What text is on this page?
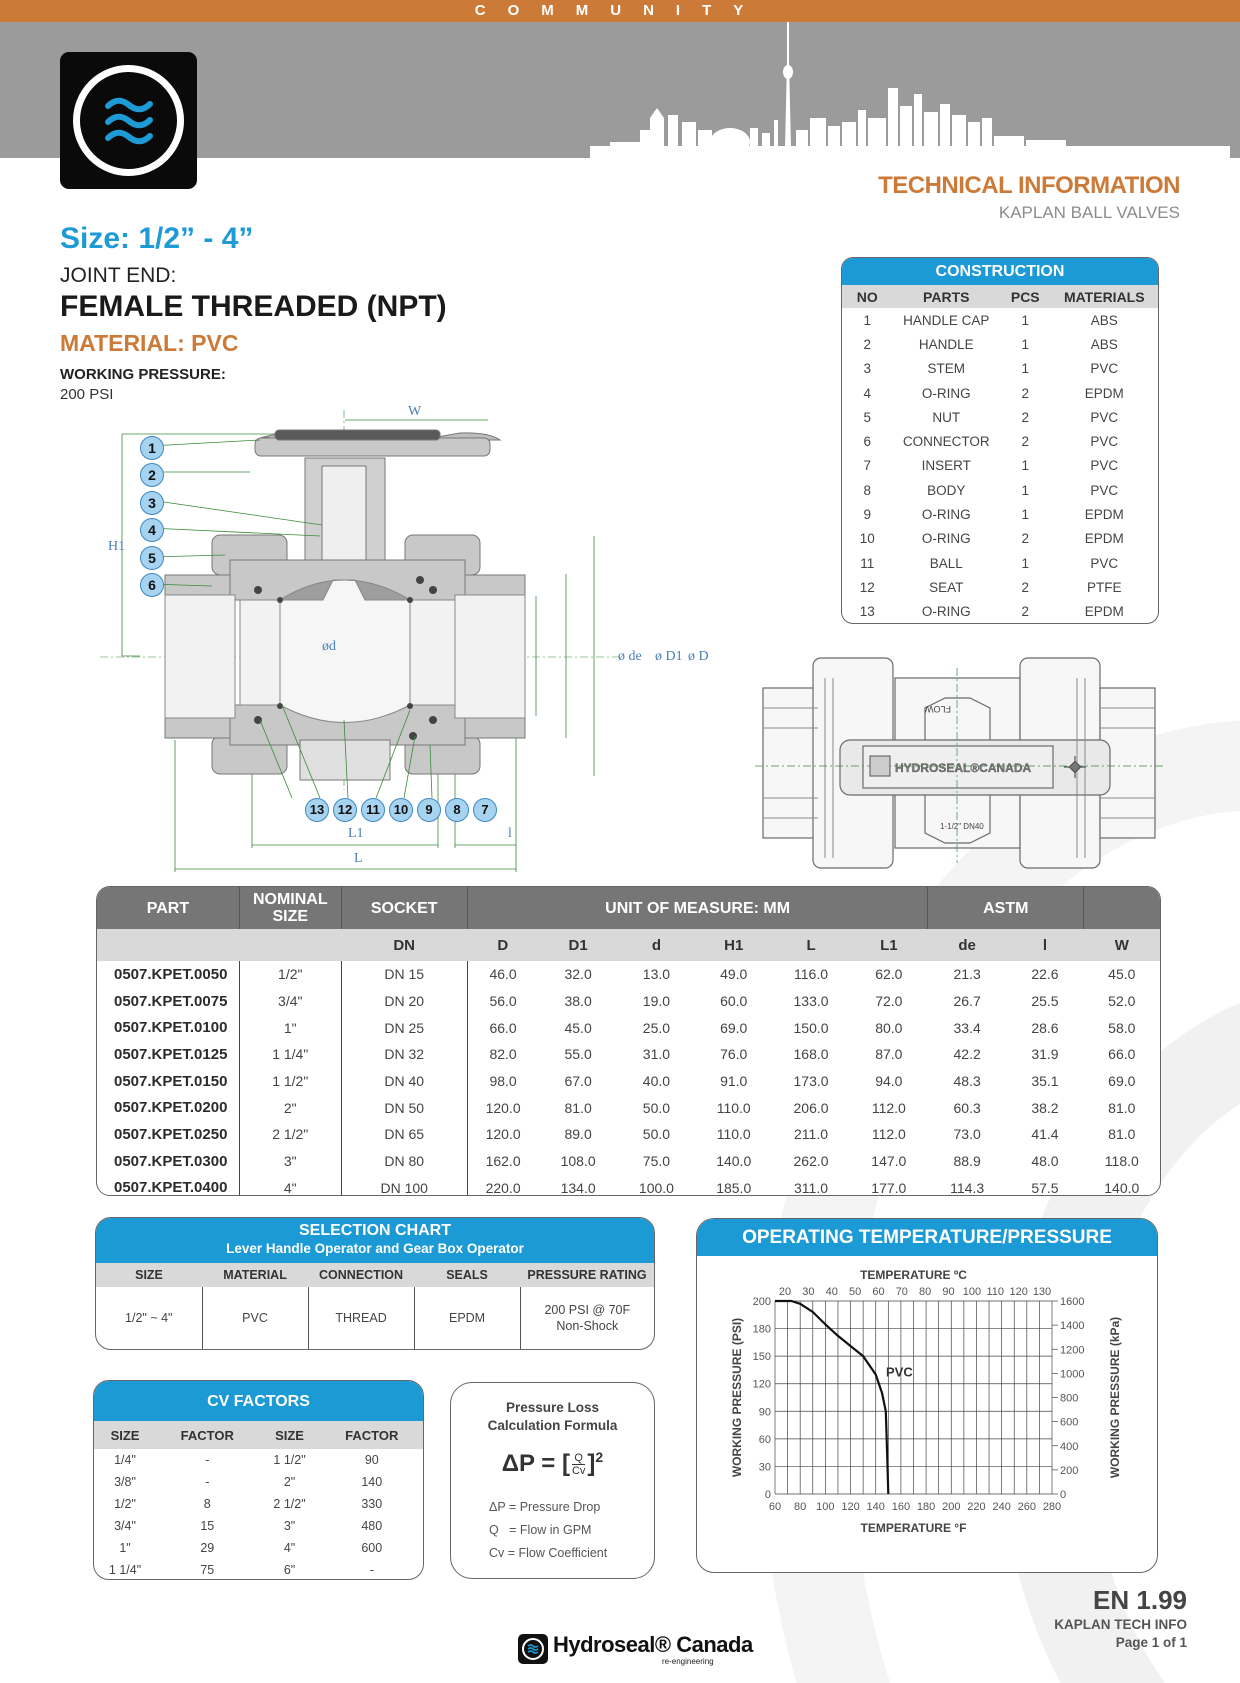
COMMUNITY
TECHNICAL INFORMATION
KAPLAN BALL VALVES
Size: 1/2” - 4”
JOINT END:
FEMALE THREADED (NPT)
MATERIAL: PVC
WORKING PRESSURE:
200 PSI
W
H1
ød
ø de ø D1 ø D
L1
L
l
1
2
3
4
5
6
13	12	11	10	9	8	7
HYDROSEAL®CANADA
FLOW
1-1/2" DN40
CONSTRUCTION
NO	PARTS	PCS	MATERIALS
1	HANDLE CAP	1	ABS
2	HANDLE	1	ABS
3	STEM	1	PVC
4	O-RING	2	EPDM
5	NUT	2	PVC
6	CONNECTOR	2	PVC
7	INSERT	1	PVC
8	BODY	1	PVC
9	O-RING	1	EPDM
10	O-RING	2	EPDM
11	BALL	1	PVC
12	SEAT	2	PTFE
13	O-RING	2	EPDM
PART	NOMINAL SIZE	SOCKET	UNIT OF MEASURE: MM						ASTM		
		DN	D	D1	d	H1	L	L1	de	l	W
0507.KPET.0050	1/2"	DN 15	46.0	32.0	13.0	49.0	116.0	62.0	21.3	22.6	45.0
0507.KPET.0075	3/4"	DN 20	56.0	38.0	19.0	60.0	133.0	72.0	26.7	25.5	52.0
0507.KPET.0100	1"	DN 25	66.0	45.0	25.0	69.0	150.0	80.0	33.4	28.6	58.0
0507.KPET.0125	1 1/4"	DN 32	82.0	55.0	31.0	76.0	168.0	87.0	42.2	31.9	66.0
0507.KPET.0150	1 1/2"	DN 40	98.0	67.0	40.0	91.0	173.0	94.0	48.3	35.1	69.0
0507.KPET.0200	2"	DN 50	120.0	81.0	50.0	110.0	206.0	112.0	60.3	38.2	81.0
0507.KPET.0250	2 1/2"	DN 65	120.0	89.0	50.0	110.0	211.0	112.0	73.0	41.4	81.0
0507.KPET.0300	3"	DN 80	162.0	108.0	75.0	140.0	262.0	147.0	88.9	48.0	118.0
0507.KPET.0400	4"	DN 100	220.0	134.0	100.0	185.0	311.0	177.0	114.3	57.5	140.0
SELECTION CHART
Lever Handle Operator and Gear Box Operator
SIZE	MATERIAL	CONNECTION	SEALS	PRESSURE RATING
1/2" ~ 4"	PVC	THREAD	EPDM	200 PSI @ 70F
Non-Shock
CV FACTORS
SIZE	FACTOR	SIZE	FACTOR
1/4"	-	1 1/2"	90
3/8"	-	2"	140
1/2"	8	2 1/2"	330
3/4"	15	3"	480
1"	29	4"	600
1 1/4"	75	6"	-
Pressure Loss
Calculation Formula
ΔP = [ $\frac{Q}{Cv} ]^2$
ΔP = Pressure Drop
Q   = Flow in GPM
Cv = Flow Coefficient
OPERATING TEMPERATURE/PRESSURE
60 80 100 120 140 160 180 200 220 240 260 280
20 30 40 50 60 70 80 90 100 110 120 130
0
30
60
90
120
150
180
200
0
200
400
600
800
1000
1200
1400
1600
TEMPERATURE °F
TEMPERATURE ºC
WORKING PRESSURE (PSI)	WORKING PRESSURE (kPa)
PVC
EN 1.99
KAPLAN TECH INFO
Page 1 of 1
Hydroseal® Canada
re-engineering
